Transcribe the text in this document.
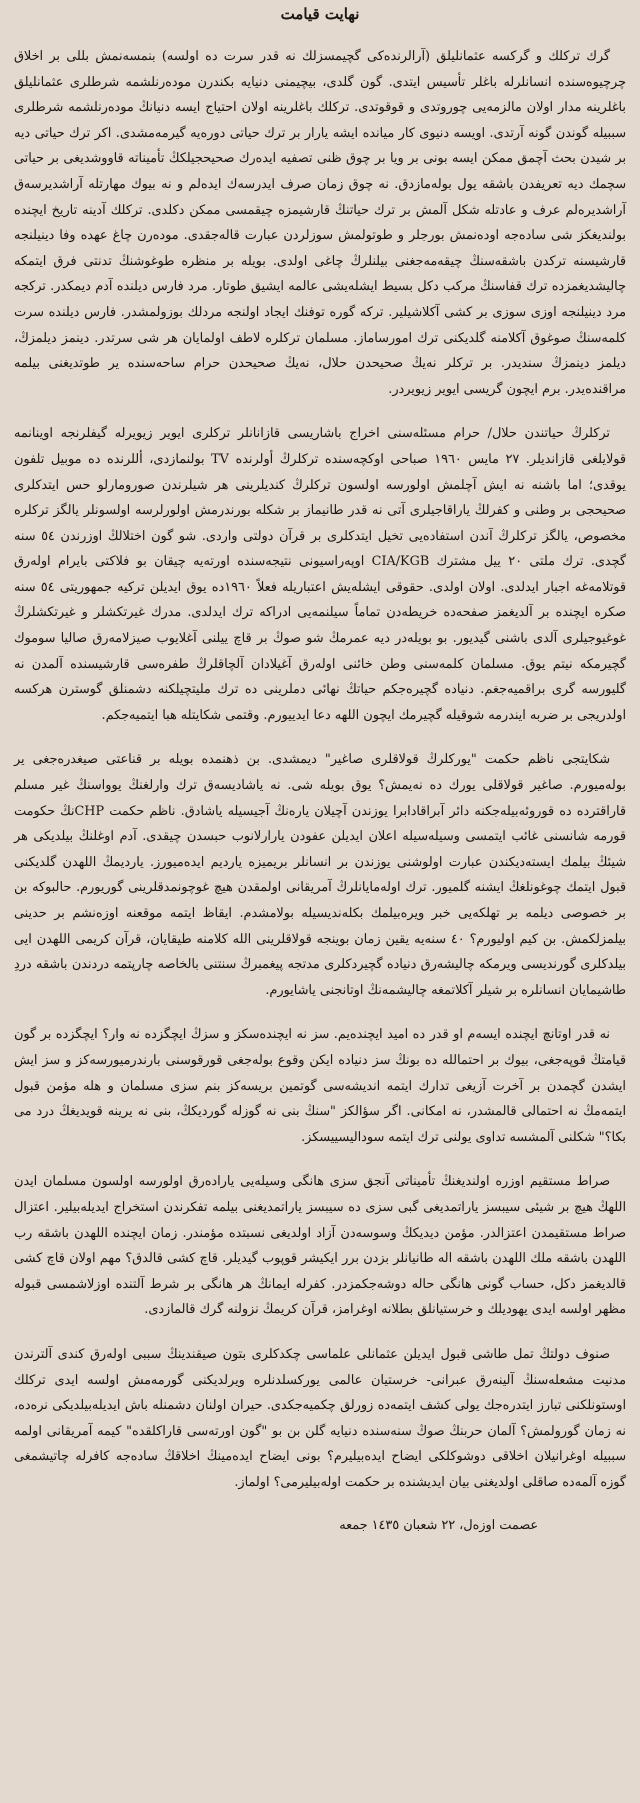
نهایت قیامت

گرك ترکلك و گرکسه عثمانلیلق (آرالرندەکی گچیمسزلك نه قدر سرت ده اولسه) بنمسەنمش بللی بر اخلاق چرچیوەسنده انسانلرله باغلر تأسیس ایتدی. گون گلدی، بیچیمنی دنیایه بکندرن مودەرنلشمه شرطلری عثمانلیلق باغلرینه مدار اولان مالزمەیی چوروتدی و قوقوتدی. ترکلك باغلرینه اولان احتیاج ایسه دنیانڭ مودەرنلشمه شرطلری سببیله گوندن گونه آرتدی. اویسه دنیوی کار میانده ایشه یارار بر ترك حیاتی دورەیه گیرمەمشدی. اکر ترك حیاتی دیه بر شیدن بحث آچمق ممکن ایسه بونی بر ویا بر چوق ظنی تصفیه ایدەرك صحیحجیلكڭ تأمیناته قاووشدیغی بر حیاتی سچمك دیه تعریفدن باشقه یول بولەمازدق. نه چوق زمان صرف ایدرسەك ایدەلم و نه بیوك مهارتله آراشدیرسەق آراشدیرەلم عرف و عادتله شکل آلمش بر ترك حیاتنڭ قارشیمزه چیقمسی ممکن دکلدی. ترکلك آدینه تاریخ ایچنده بولندیغکز شی سادەجه اودەنمش بورجلر و طوتولمش سوزلردن عبارت قالەجقدی. مودەرن چاغ عهده وفا دینیلنجه قارشیسنه ترکدن باشقەسنڭ چیقەمەجغنی بیلنلرڭ چاغی اولدی. بویله بر منظره طوغوشنڭ تدنتی فرق ایتمکه چالیشدیغمزده ترك قفاسنڭ مرکب دکل بسیط ایشلەیشی عالمه ایشیق طوتار. مرد فارس دیلنده آدم دیمکدر. ترکجه مرد دینیلنجه اوزی سوزی بر کشی آکلاشیلیر. ترکه گوره توفنك ایجاد اولنجه مردلك بوزولمشدر. فارس دیلنده سرت کلمەسنڭ صوغوق آکلامنه گلدیکنی ترك امورساماز. مسلمان ترکلره لاطف اولمایان هر شی سرتدر. دینمز دیلمزڭ، دیلمز دینمزڭ سندیدر. بر ترکلر نەیڭ صحیحدن حلال، نەیڭ صحیحدن حرام ساحەسنده یر طوتدیغنی بیلمه مراقندەیدر. برم ایچون گریسی ایویر زیویردر.

ترکلرڭ حیاتندن حلال/ حرام مسئلەسنی اخراج باشاریسی قازانانلر ترکلری ایویر زیویرله گیفلرنجه اوینانمه قولایلغی قازاندیلر. ٢٧ مایس ١٩٦٠ صباحی اوکچەسنده ترکلرڭ أولرنده TV بولنمازدی، أللرنده ده موبیل تلفون یوقدی؛ اما باشنه نه ایش آچلمش اولورسه اولسون ترکلرڭ کندیلرینی هر شیلرندن صورومارلو حس ایتدکلری صحیحجی بر وطنی و کفرلڭ یاراقاجیلری آتی نه قدر طانیماز بر شکله بورندرمش اولورلرسه اولسونلر یالگز ترکلره مخصوص، یالگز ترکلرڭ آندن استفادەیی تخیل ایتدکلری بر قرآن دولتی واردی. شو گون اختلالڭ اوزرندن ٥٤ سنه گچدی. ترك ملتی ٢٠ ییل مشترك CIA/KGB اوپەراسیونی نتیجەسنده اورتەیه چیقان بو فلاکتی بایرام اولەرق قوتلامەغه اجبار ایدلدی. اولان اولدی. حقوقی ایشلەیش اعتباریله فعلاً ١٩٦٠ده یوق ایدیلن ترکیه جمهوریتی ٥٤ سنه صکره ایچنده بر آلدیغمز صفحەده خریطەدن تماماً سیلنمەیی ادراکه ترك ایدلدی. مدرك غیرتکشلر و غیرتکشلرڭ غوغیوجیلری آلدی باشنی گیدیور. بو بویلەدر دیه عمرمڭ شو صوڭ بر قاچ ییلنی آغلایوب صیزلامەرق صالیا سوموك گچیرمکه نیتم یوق. مسلمان کلمەسنی وطن خائنی اولەرق آغیلادان آلچاقلرڭ طفرەسی قارشیسنده آلمدن نه گلیورسه گری براقمیەجغم. دنیاده گچیرەجکم حیاتڭ نهائی دملرینی ده ترك ملیتچیلکنه دشمنلق گوسترن هرکسه اولدریجی بر ضربه ایندرمه شوقیله گچیرمك ایچون اللهه دعا ایدییورم. وقتمی شکایتله هبا ایتمیەجکم.

شکایتجی ناظم حکمت "یورکلرڭ قولاقلری صاغیر" دیمشدی. بن ذهنمده بویله بر قناعتی صیغدرەجغی یر بولەمیورم. صاغیر قولاقلی یورك ده نەیمش؟ یوق بویله شی. نه یاشادیسەق ترك وارلغنڭ یوواسنڭ غیر مسلم قاراقترده ده قوروئەبیلەجکنه دائر آبراقادابرا یوزندن آچیلان یارەنڭ آجیسیله یاشادق. ناظم حکمت CHPنڭ حکومت قورمه شانسنی غائب ایتمسی وسیلەسیله اعلان ایدیلن عفودن یارارلانوب حبسدن چیقدی. آدم اوغلنڭ بیلدیکی هر شیئڭ بیلمك ایستەدیکندن عبارت اولوشنی یوزندن بر انسانلر بریمیزه یاردیم ایدەمیورز. یاردیمڭ اللهدن گلدیکنی قبول ایتمك چوغونلغڭ ایشنه گلمیور. ترك اولەمایانلرڭ آمریقانی اولمقدن هیچ غوچونمدقلرینی گوریورم. حالبوکه بن بر خصوصی دیلمه بر تهلکەیی خبر ویرەبیلمك بکلەندیسیله بولامشدم. ایقاظ ایتمه موقعنه اوزەنشم بر حدینی بیلمزلکمش. بن کیم اولیورم؟ ٤٠ سنەیه یقین زمان بوینجه قولاقلرینی الله کلامنه طیقایان، قرآن کریمی اللهدن ایی بیلدکلری گورندیسی ویرمکه چالیشەرق دنیاده گچیردکلری مدتجه پیغمبرڭ سنتنی بالخاصه چارپتمه دردندن باشقه دردِ طاشیمایان انسانلره بر شیلر آکلاتمغه چالیشمەنڭ اوتانجنی یاشایورم.

نه قدر اوتانچ ایچنده ایسەم او قدر ده امید ایچندەیم. سز نه ایچندەسکز و سزڭ ایچگزده نه وار؟ ایچگزده بر گون قیامتڭ قوپەجغی، بیوك بر احتماللە ده بونڭ سز دنیاده ایکن وقوع بولەجغی قورقوسنی بارندرمیورسەکز و سز ایش ایشدن گچمدن بر آخرت آزیغی تدارك ایتمه اندیشەسی گوتمین بریسەکز بنم سزی مسلمان و هله مؤمن قبول ایتمەمڭ نه احتمالی قالمشدر، نه امکانی. اگر سؤالکز "سنڭ بنی نه گوزله گوردیکڭ، بنی نه یرینه قویدیغڭ درد می بکا؟" شکلنی آلمشسه تداوی یولنی ترك ایتمه سودالیسییسکز.

صراط مستقیم اوزره اولندیغنڭ تأمیناتی آنجق سزی هانگی وسیلەیی یاراده‌رق اولورسه اولسون مسلمان ایدن اللهڭ هیچ بر شیئی سیبسز یاراتمدیغی گبی سزی ده سیبسز یاراتمدیغنی بیلمه تفکرندن استخراج ایدیلەبیلیر. اعتزال صراط مستقیمدن اعتزالدر. مؤمن دیدیکڭ وسوسەدن آزاد اولدیغی نسبتده مؤمندر. زمان ایچنده اللهدن باشقه رب اللهدن باشقه ملك اللهدن باشقه اله طانیانلر بزدن برر ایکیشر قوپوب گیدیلر. قاچ کشی قالدق؟ مهم اولان قاچ کشی قالدیغمز دکل، حساب گونی هانگی حاله دوشەجکمزدر. کفرله ایمانڭ هر هانگی بر شرط آلتنده اوزلاشمسی قبوله مظهر اولسه ایدی یهودیلك و خرستیانلق بطلانه اوغرامز، قرآن کریمڭ نزولنه گرك قالمازدی.

صنوف دولتڭ تمل طاشی قبول ایدیلن عثمانلی علماسی چکدکلری بتون صیقندینڭ سببی اولەرق کندی آلترندن مدنیت مشعلەسنڭ آلینەرق عبرانی- خرستیان عالمی یورکسلدنلره ویرلدیکنی گورمەمش اولسه ایدی ترکلك اوستونلکنی تبارز ایتدرەجك یولی کشف ایتمەده زورلق چکمیەجکدی. حیران اولنان دشمنله باش ایدیلەبیلدیکی نرەده، نه زمان گورولمش؟ آلمان حربنڭ صوڭ سنەسنده دنیایه گلن بن بو "گون اورتەسی قاراکلقده" کیمه آمریقانی اولمه سببیله اوغرانیلان اخلاقی دوشوکلکی ایضاح ایدەبیلیرم؟ بونی ایضاح ایدەمینڭ اخلاقڭ سادەجه کافرله چاتیشمغی گوزه آلمەده صاقلی اولدیغنی بیان ایدیشنده بر حکمت اولەبیلیرمی؟ اولماز.

عصمت اوزەل، ٢٢ شعبان ١٤٣٥ جمعه
